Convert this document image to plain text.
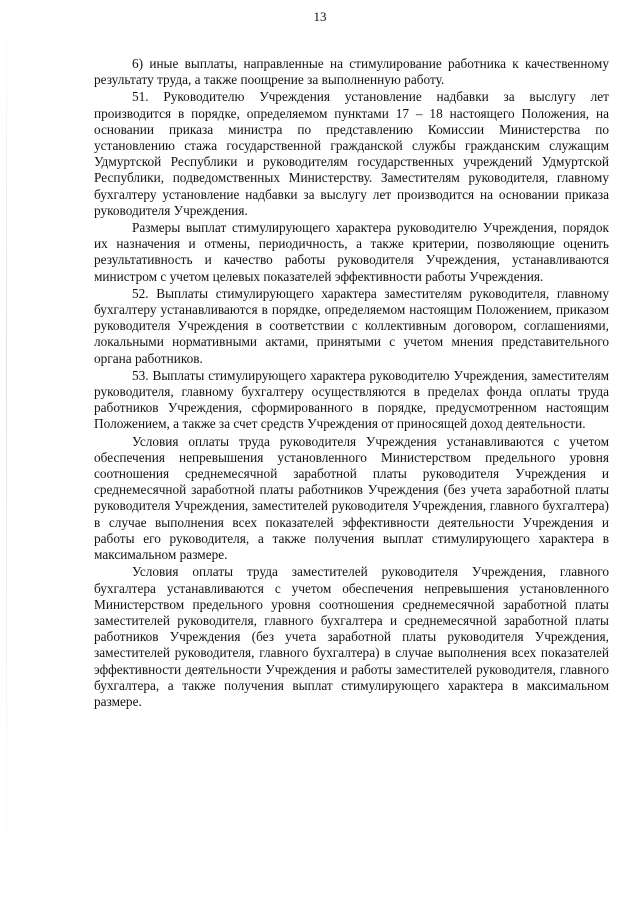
13

6) иные выплаты, направленные на стимулирование работника к качественному результату труда, а также поощрение за выполненную работу.

51. Руководителю Учреждения установление надбавки за выслугу лет производится в порядке, определяемом пунктами 17 – 18 настоящего Положения, на основании приказа министра по представлению Комиссии Министерства по установлению стажа государственной гражданской службы гражданским служащим Удмуртской Республики и руководителям государственных учреждений Удмуртской Республики, подведомственных Министерству. Заместителям руководителя, главному бухгалтеру установление надбавки за выслугу лет производится на основании приказа руководителя Учреждения.

Размеры выплат стимулирующего характера руководителю Учреждения, порядок их назначения и отмены, периодичность, а также критерии, позволяющие оценить результативность и качество работы руководителя Учреждения, устанавливаются министром с учетом целевых показателей эффективности работы Учреждения.

52. Выплаты стимулирующего характера заместителям руководителя, главному бухгалтеру устанавливаются в порядке, определяемом настоящим Положением, приказом руководителя Учреждения в соответствии с коллективным договором, соглашениями, локальными нормативными актами, принятыми с учетом мнения представительного органа работников.

53. Выплаты стимулирующего характера руководителю Учреждения, заместителям руководителя, главному бухгалтеру осуществляются в пределах фонда оплаты труда работников Учреждения, сформированного в порядке, предусмотренном настоящим Положением, а также за счет средств Учреждения от приносящей доход деятельности.

Условия оплаты труда руководителя Учреждения устанавливаются с учетом обеспечения непревышения установленного Министерством предельного уровня соотношения среднемесячной заработной платы руководителя Учреждения и среднемесячной заработной платы работников Учреждения (без учета заработной платы руководителя Учреждения, заместителей руководителя Учреждения, главного бухгалтера) в случае выполнения всех показателей эффективности деятельности Учреждения и работы его руководителя, а также получения выплат стимулирующего характера в максимальном размере.

Условия оплаты труда заместителей руководителя Учреждения, главного бухгалтера устанавливаются с учетом обеспечения непревышения установленного Министерством предельного уровня соотношения среднемесячной заработной платы заместителей руководителя, главного бухгалтера и среднемесячной заработной платы работников Учреждения (без учета заработной платы руководителя Учреждения, заместителей руководителя, главного бухгалтера) в случае выполнения всех показателей эффективности деятельности Учреждения и работы заместителей руководителя, главного бухгалтера, а также получения выплат стимулирующего характера в максимальном размере.
